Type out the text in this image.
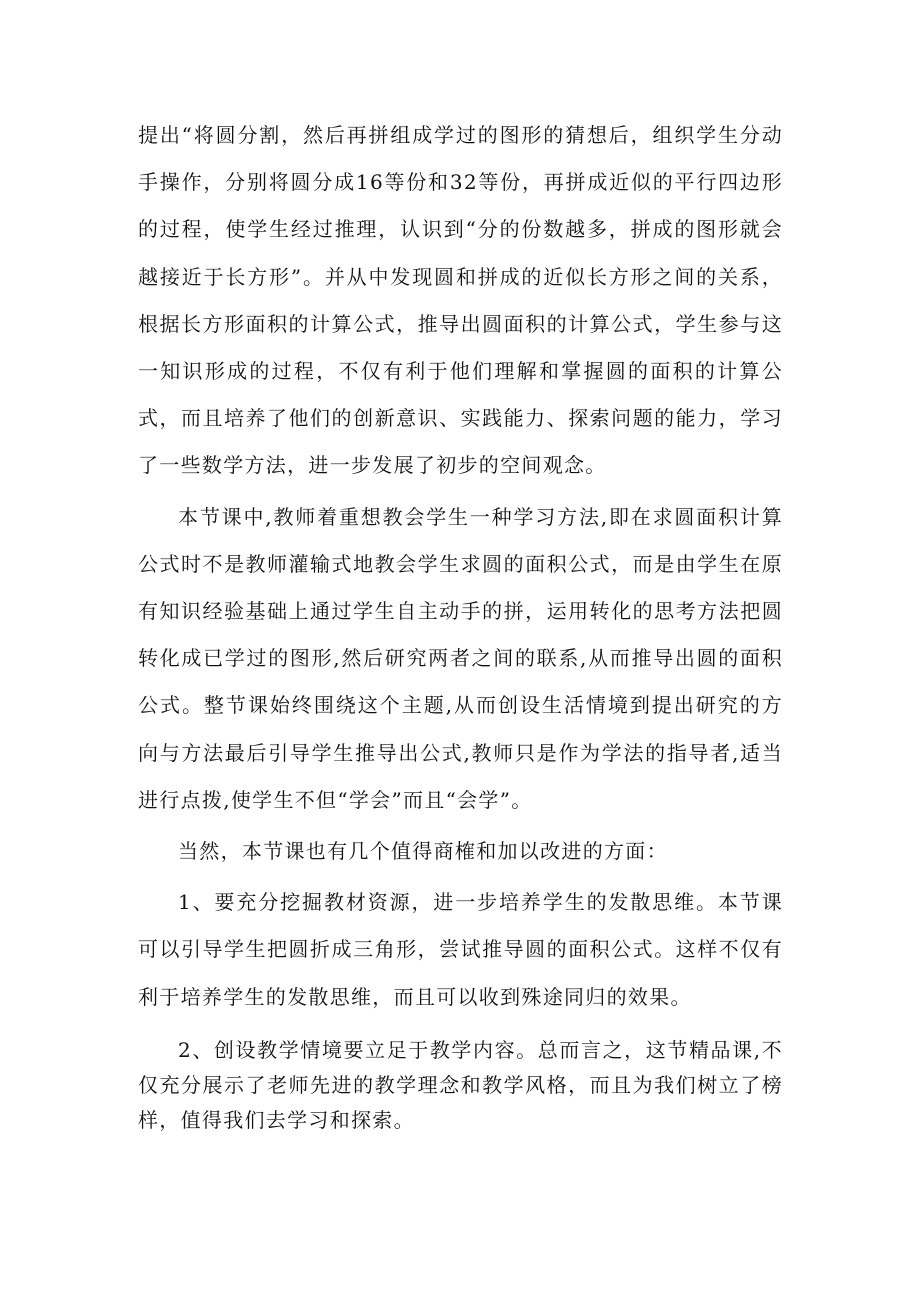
提出“将圆分割，然后再拼组成学过的图形的猜想后，组织学生分动手操作，分别将圆分成16等份和32等份，再拼成近似的平行四边形的过程，使学生经过推理，认识到“分的份数越多，拼成的图形就会越接近于长方形”。并从中发现圆和拼成的近似长方形之间的关系，根据长方形面积的计算公式，推导出圆面积的计算公式，学生参与这一知识形成的过程，不仅有利于他们理解和掌握圆的面积的计算公式，而且培养了他们的创新意识、实践能力、探索问题的能力，学习了一些数学方法，进一步发展了初步的空间观念。

本节课中,教师着重想教会学生一种学习方法,即在求圆面积计算公式时不是教师灌输式地教会学生求圆的面积公式，而是由学生在原有知识经验基础上通过学生自主动手的拼，运用转化的思考方法把圆转化成已学过的图形,然后研究两者之间的联系,从而推导出圆的面积公式。整节课始终围绕这个主题,从而创设生活情境到提出研究的方向与方法最后引导学生推导出公式,教师只是作为学法的指导者,适当进行点拨,使学生不但“学会”而且“会学”。

当然，本节课也有几个值得商榷和加以改进的方面：

1、要充分挖掘教材资源，进一步培养学生的发散思维。本节课可以引导学生把圆折成三角形，尝试推导圆的面积公式。这样不仅有利于培养学生的发散思维，而且可以收到殊途同归的效果。

2、创设教学情境要立足于教学内容。总而言之，这节精品课,不仅充分展示了老师先进的教学理念和教学风格，而且为我们树立了榜样，值得我们去学习和探索。
